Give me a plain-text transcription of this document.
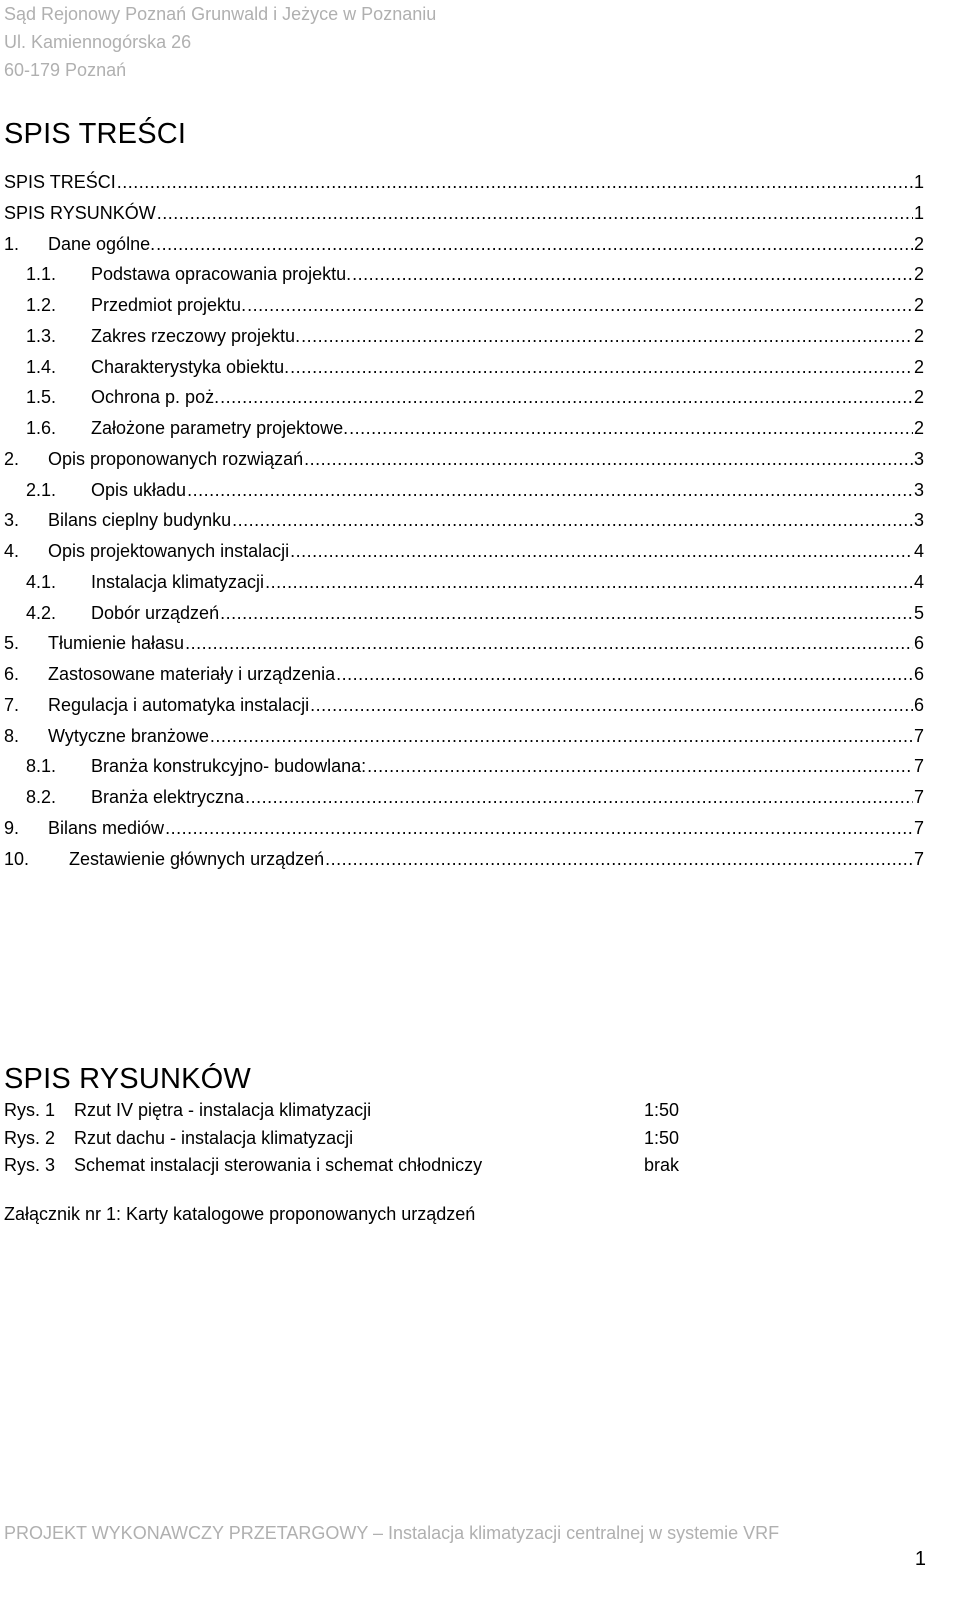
Sąd Rejonowy Poznań Grunwald i Jeżyce w Poznaniu
Ul. Kamiennogórska 26
60-179 Poznań
SPIS TREŚCI
SPIS TREŚCI .....	1
SPIS RYSUNKÓW .....	1
1.	Dane ogólne. .....	2
1.1.	Podstawa opracowania projektu. .....	2
1.2.	Przedmiot projektu. .....	2
1.3.	Zakres rzeczowy projektu. .....	2
1.4.	Charakterystyka obiektu. .....	2
1.5.	Ochrona p. poż. .....	2
1.6.	Założone parametry projektowe. .....	2
2.	Opis proponowanych rozwiązań .....	3
2.1.	Opis układu .....	3
3.	Bilans cieplny budynku .....	3
4.	Opis projektowanych instalacji .....	4
4.1.	Instalacja klimatyzacji .....	4
4.2.	Dobór urządzeń .....	5
5.	Tłumienie hałasu .....	6
6.	Zastosowane materiały i urządzenia .....	6
7.	Regulacja i automatyka instalacji .....	6
8.	Wytyczne branżowe .....	7
8.1.	Branża konstrukcyjno- budowlana: .....	7
8.2.	Branża elektryczna .....	7
9.	Bilans mediów .....	7
10.	Zestawienie głównych urządzeń .....	7
SPIS RYSUNKÓW
Rys. 1	Rzut IV piętra - instalacja klimatyzacji	1:50
Rys. 2	Rzut dachu - instalacja klimatyzacji	1:50
Rys. 3	Schemat instalacji sterowania i schemat chłodniczy	brak
Załącznik nr 1: Karty katalogowe proponowanych urządzeń
PROJEKT WYKONAWCZY PRZETARGOWY – Instalacja klimatyzacji centralnej w systemie VRF
1
